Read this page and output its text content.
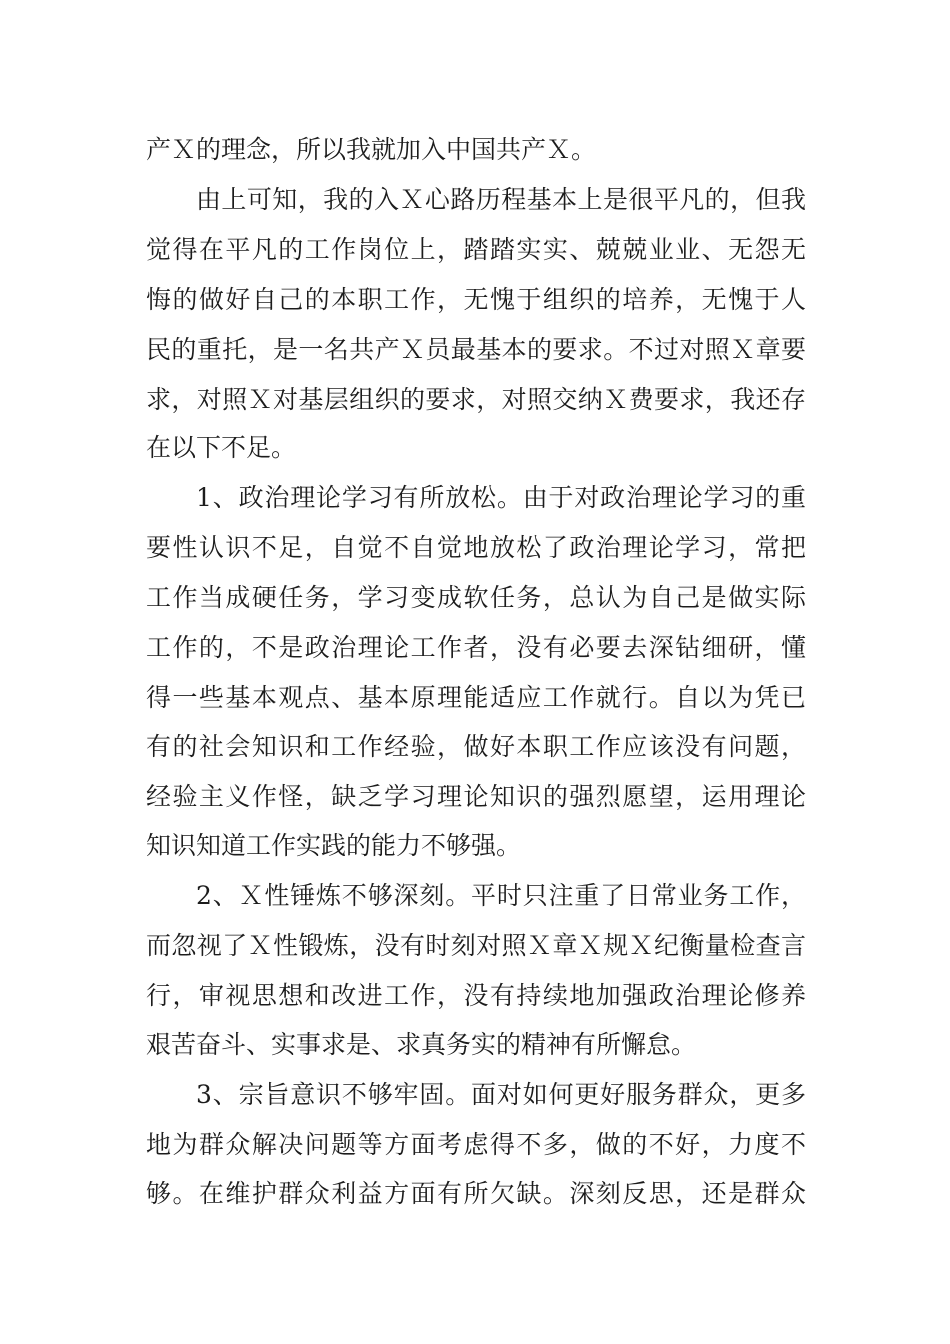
产Ｘ的理念，所以我就加入中国共产Ｘ。
由上可知，我的入Ｘ心路历程基本上是很平凡的，但我
觉得在平凡的工作岗位上，踏踏实实、兢兢业业、无怨无
悔的做好自己的本职工作，无愧于组织的培养，无愧于人
民的重托，是一名共产Ｘ员最基本的要求。不过对照Ｘ章要
求，对照Ｘ对基层组织的要求，对照交纳Ｘ费要求，我还存
在以下不足。
1、政治理论学习有所放松。由于对政治理论学习的重
要性认识不足，自觉不自觉地放松了政治理论学习，常把
工作当成硬任务，学习变成软任务，总认为自己是做实际
工作的，不是政治理论工作者，没有必要去深钻细研，懂
得一些基本观点、基本原理能适应工作就行。自以为凭已
有的社会知识和工作经验，做好本职工作应该没有问题，
经验主义作怪，缺乏学习理论知识的强烈愿望，运用理论
知识知道工作实践的能力不够强。
2、Ｘ性锤炼不够深刻。平时只注重了日常业务工作，
而忽视了Ｘ性锻炼，没有时刻对照Ｘ章Ｘ规Ｘ纪衡量检查言
行，审视思想和改进工作，没有持续地加强政治理论修养
艰苦奋斗、实事求是、求真务实的精神有所懈怠。
3、宗旨意识不够牢固。面对如何更好服务群众，更多
地为群众解决问题等方面考虑得不多，做的不好，力度不
够。在维护群众利益方面有所欠缺。深刻反思，还是群众
